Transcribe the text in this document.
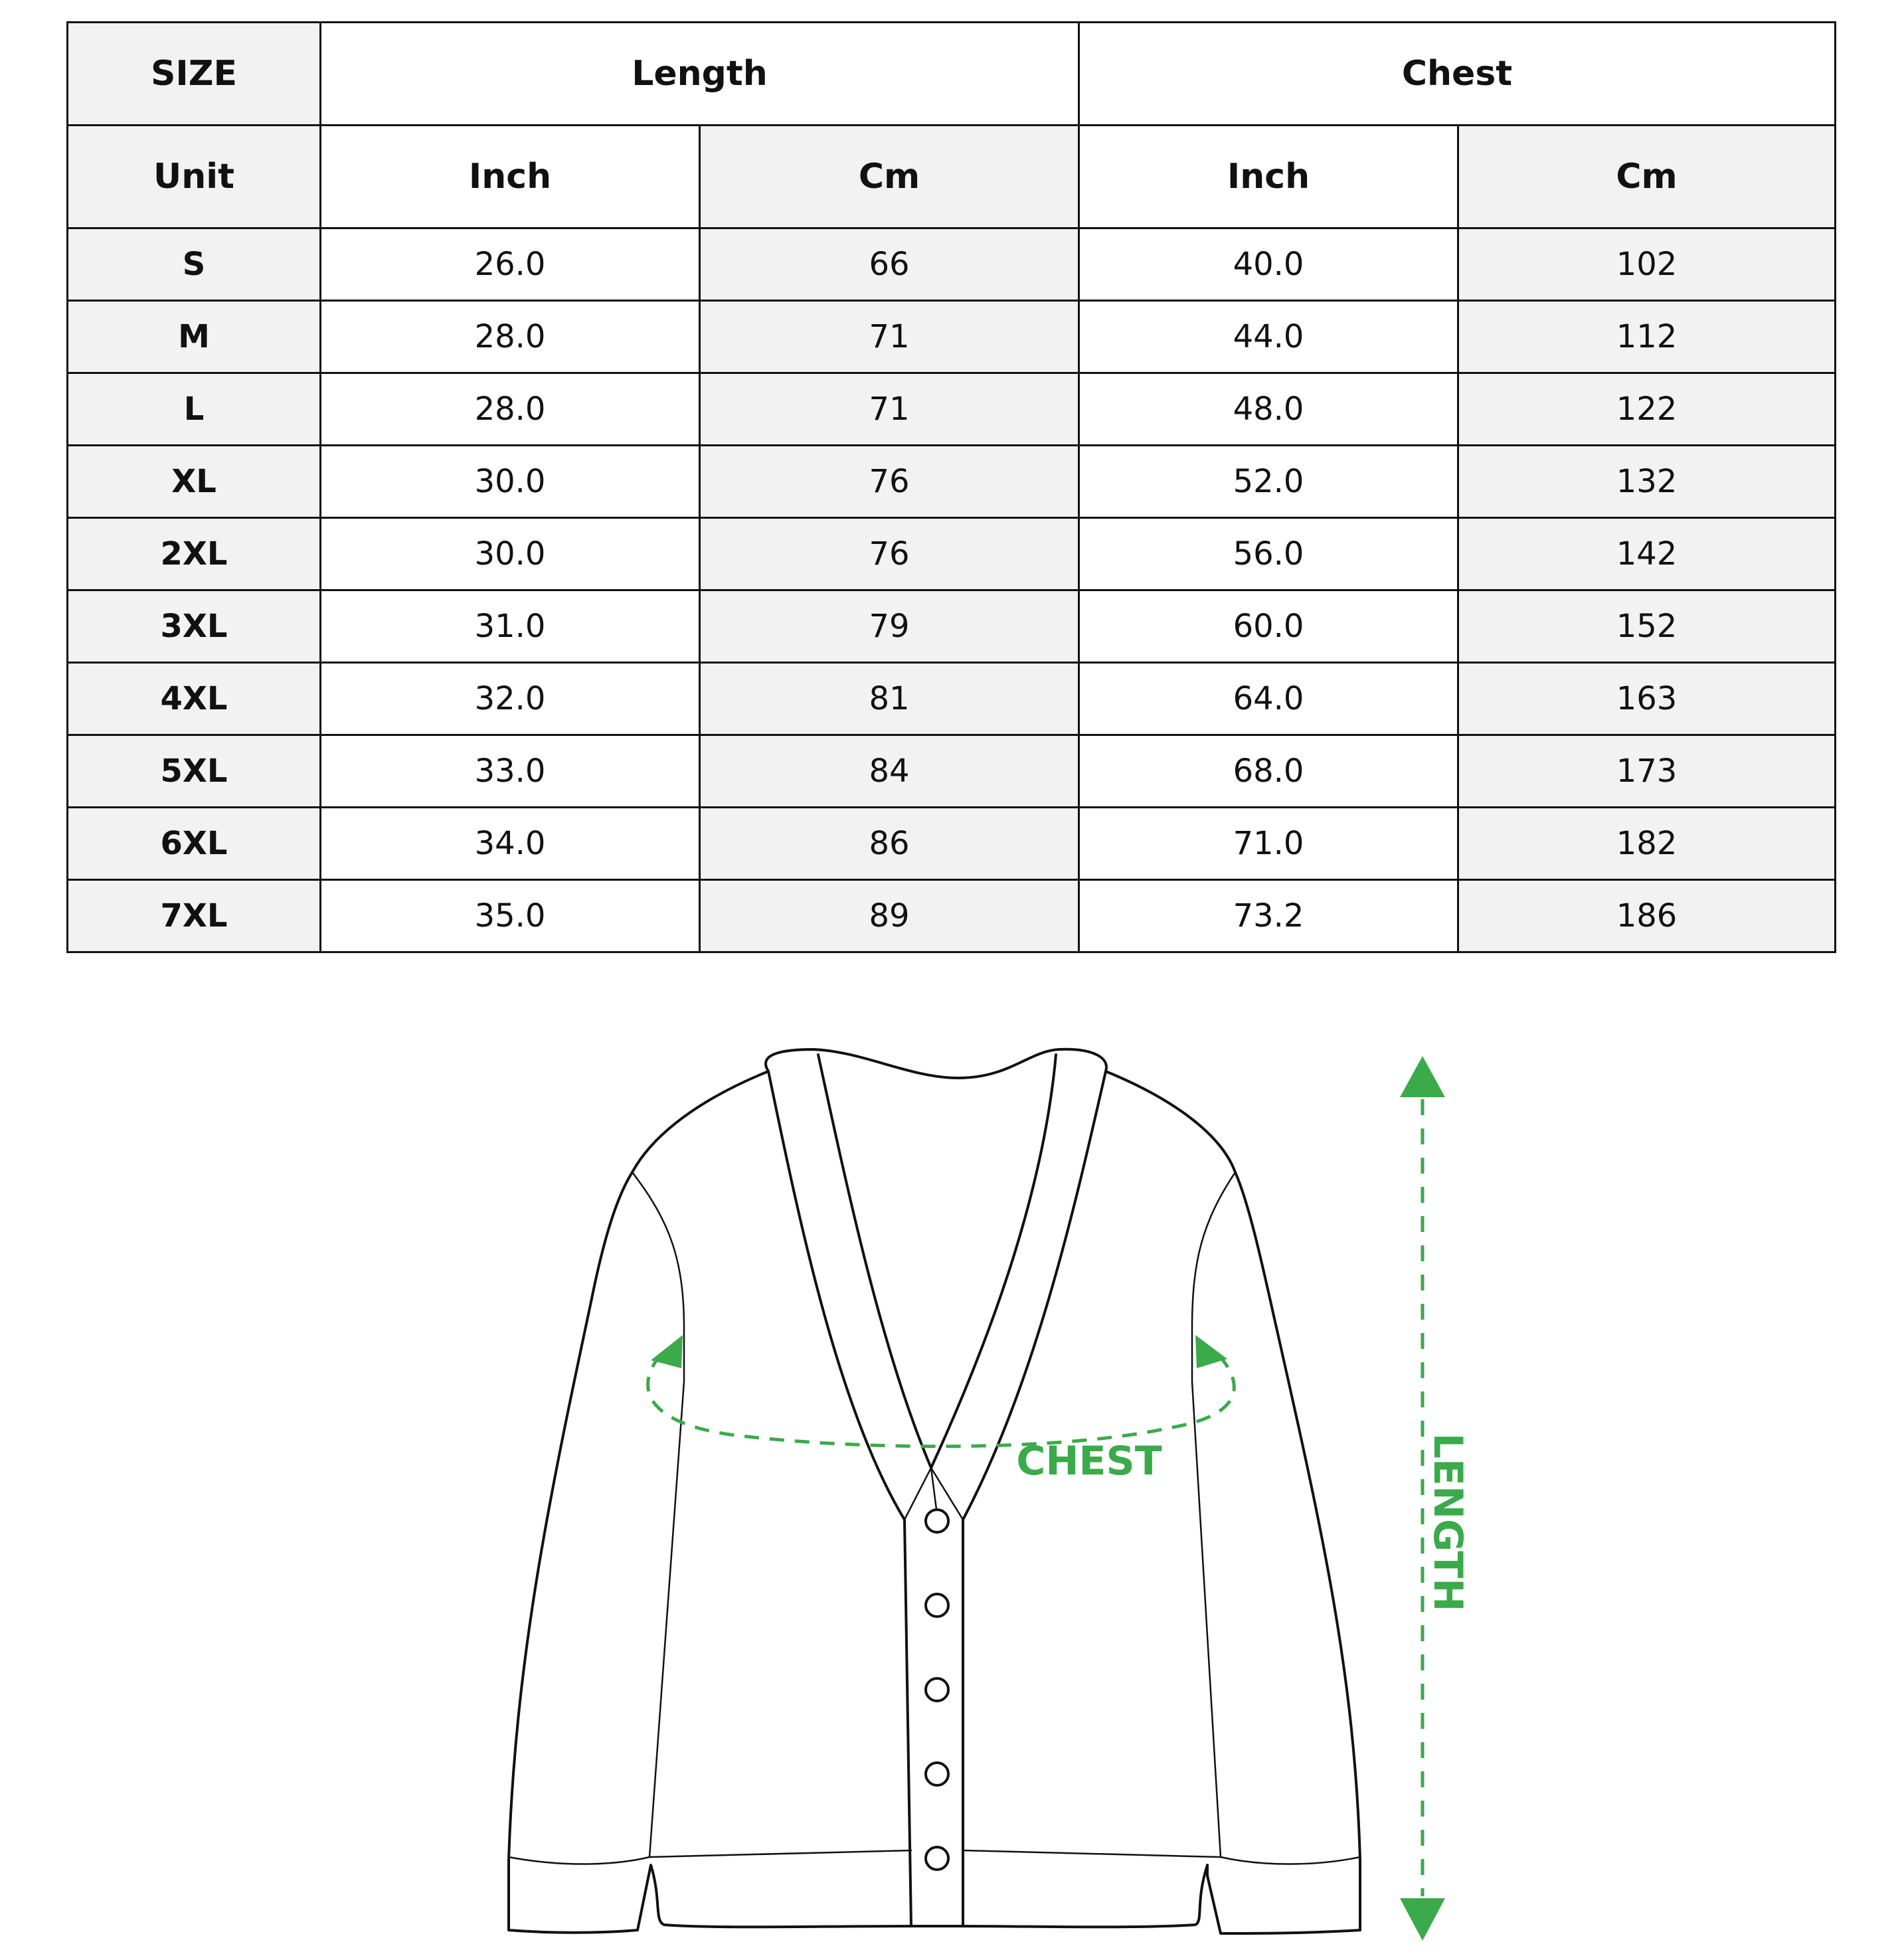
SIZE	Length		Chest	
Unit	Inch	Cm	Inch	Cm
S	26.0	66	40.0	102
M	28.0	71	44.0	112
L	28.0	71	48.0	122
XL	30.0	76	52.0	132
2XL	30.0	76	56.0	142
3XL	31.0	79	60.0	152
4XL	32.0	81	64.0	163
5XL	33.0	84	68.0	173
6XL	34.0	86	71.0	182
7XL	35.0	89	73.2	186
CHEST	LENGTH
